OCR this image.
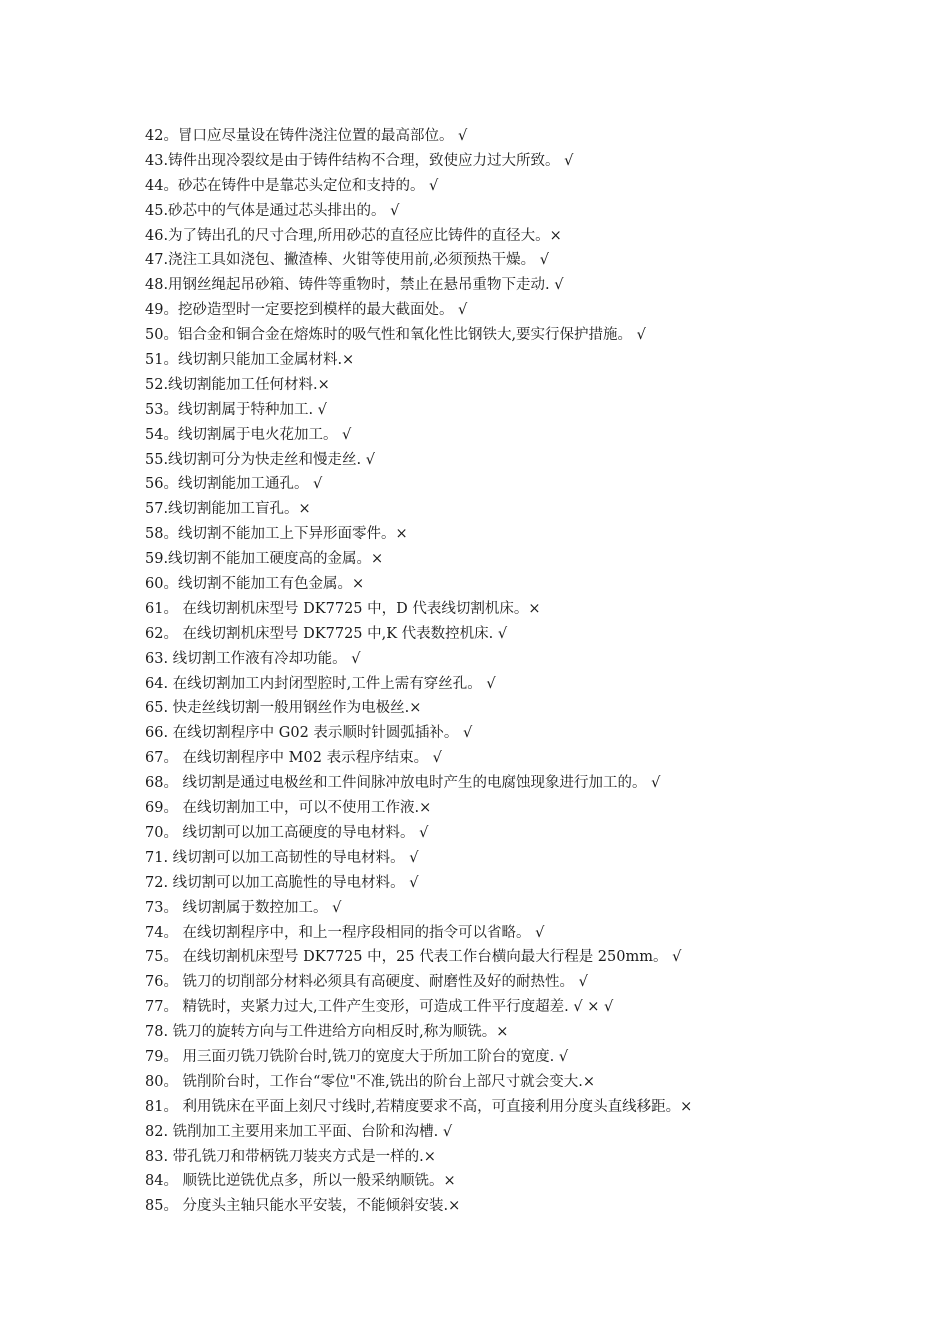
42。冒口应尽量设在铸件浇注位置的最高部位。 √
43.铸件出现冷裂纹是由于铸件结构不合理，致使应力过大所致。 √
44。砂芯在铸件中是靠芯头定位和支持的。 √
45.砂芯中的气体是通过芯头排出的。 √
46.为了铸出孔的尺寸合理,所用砂芯的直径应比铸件的直径大。×
47.浇注工具如浇包、撇渣棒、火钳等使用前,必须预热干燥。 √
48.用钢丝绳起吊砂箱、铸件等重物时，禁止在悬吊重物下走动. √
49。挖砂造型时一定要挖到模样的最大截面处。 √
50。铝合金和铜合金在熔炼时的吸气性和氧化性比钢铁大,要实行保护措施。 √
51。线切割只能加工金属材料.×
52.线切割能加工任何材料.×
53。线切割属于特种加工. √
54。线切割属于电火花加工。 √
55.线切割可分为快走丝和慢走丝. √
56。线切割能加工通孔。 √
57.线切割能加工盲孔。×
58。线切割不能加工上下异形面零件。×
59.线切割不能加工硬度高的金属。×
60。线切割不能加工有色金属。×
61。 在线切割机床型号 DK7725 中，D 代表线切割机床。×
62。 在线切割机床型号 DK7725 中,K 代表数控机床. √
63. 线切割工作液有冷却功能。 √
64. 在线切割加工内封闭型腔时,工件上需有穿丝孔。 √
65. 快走丝线切割一般用钢丝作为电极丝.×
66. 在线切割程序中 G02 表示顺时针圆弧插补。 √
67。 在线切割程序中 M02 表示程序结束。 √
68。 线切割是通过电极丝和工件间脉冲放电时产生的电腐蚀现象进行加工的。 √
69。 在线切割加工中，可以不使用工作液.×
70。 线切割可以加工高硬度的导电材料。 √
71. 线切割可以加工高韧性的导电材料。 √
72. 线切割可以加工高脆性的导电材料。 √
73。 线切割属于数控加工。 √
74。 在线切割程序中，和上一程序段相同的指令可以省略。 √
75。 在线切割机床型号 DK7725 中，25 代表工作台横向最大行程是 250mm。 √
76。 铣刀的切削部分材料必须具有高硬度、耐磨性及好的耐热性。 √
77。 精铣时，夹紧力过大,工件产生变形，可造成工件平行度超差. √ × √
78. 铣刀的旋转方向与工件进给方向相反时,称为顺铣。×
79。 用三面刃铣刀铣阶台时,铣刀的宽度大于所加工阶台的宽度. √
80。 铣削阶台时，工作台“零位"不准,铣出的阶台上部尺寸就会变大.×
81。 利用铣床在平面上刻尺寸线时,若精度要求不高，可直接利用分度头直线移距。×
82. 铣削加工主要用来加工平面、台阶和沟槽. √
83. 带孔铣刀和带柄铣刀装夹方式是一样的.×
84。 顺铣比逆铣优点多，所以一般采纳顺铣。×
85。 分度头主轴只能水平安装，不能倾斜安装.×
